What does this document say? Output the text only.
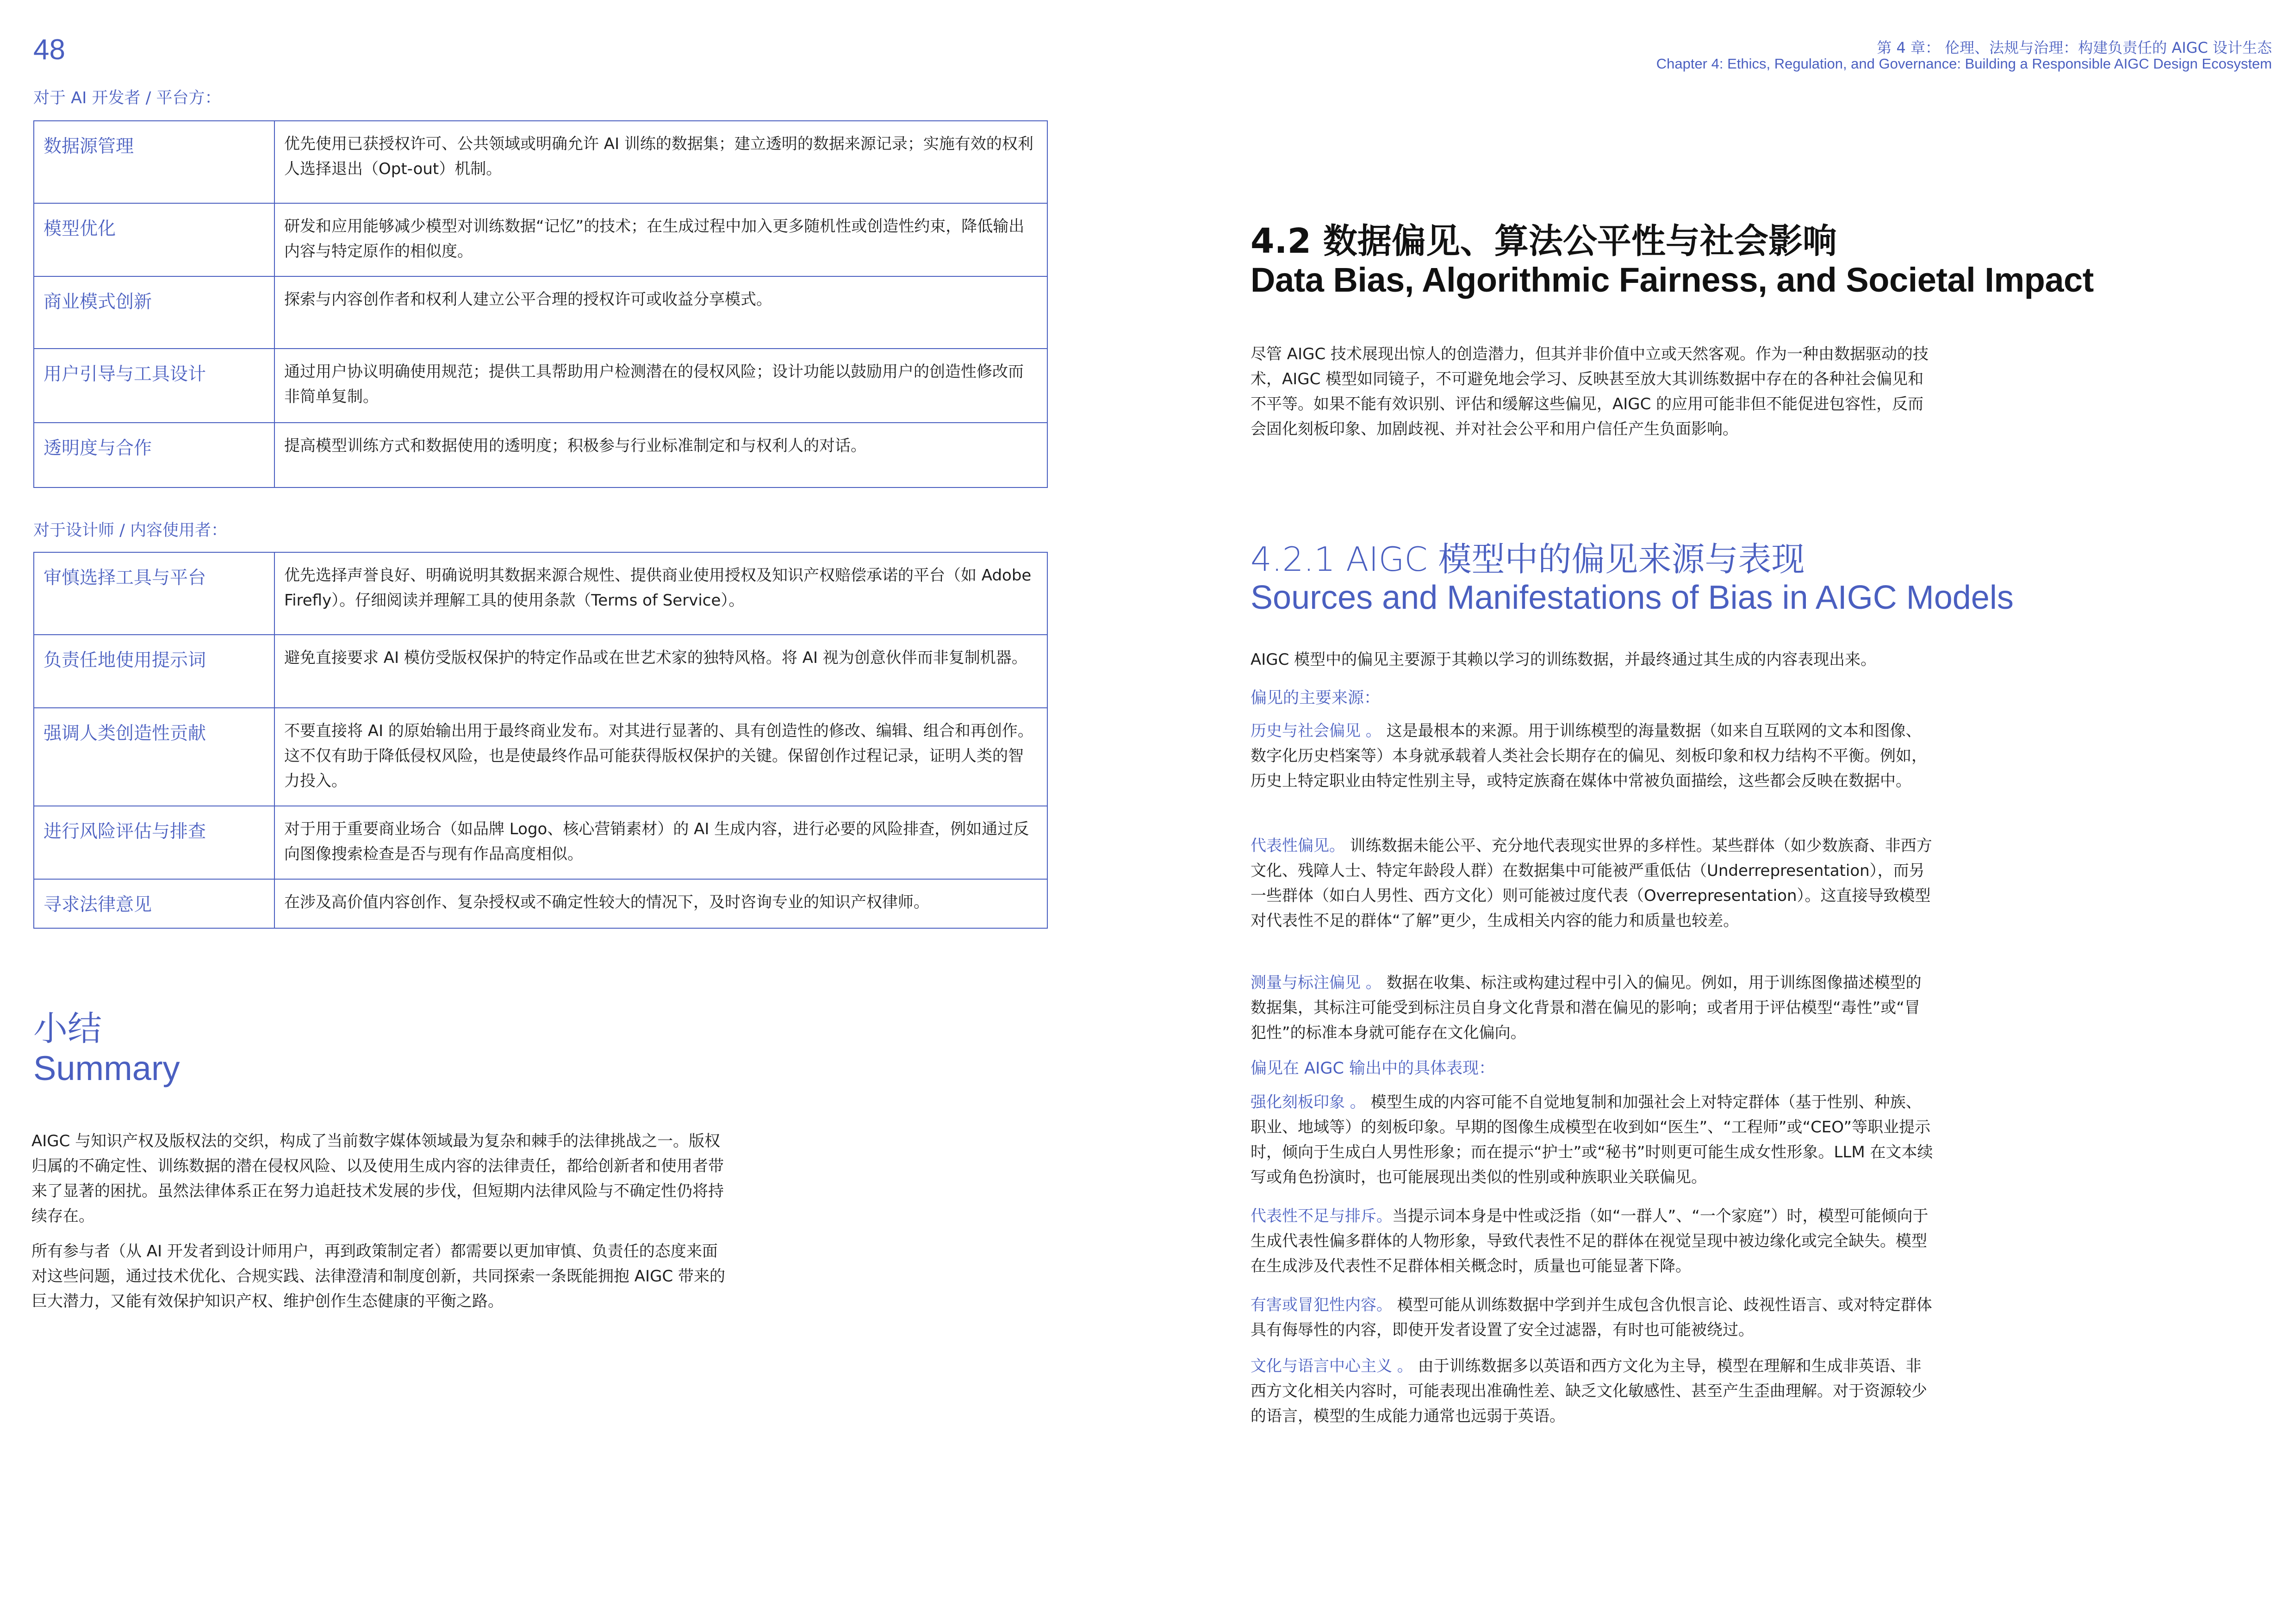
48	第 4 章： 伦理、法规与治理：构建负责任的 AIGC 设计生态
Chapter 4: Ethics, Regulation, and Governance: Building a Responsible AIGC Design Ecosystem
对于 AI 开发者 / 平台方：
数据源管理	优先使用已获授权许可、公共领域或明确允许 AI 训练的数据集；建立透明的数据来源记录；实施有效的权利人选择退出（Opt-out）机制。
模型优化	研发和应用能够减少模型对训练数据“记忆”的技术；在生成过程中加入更多随机性或创造性约束，降低输出内容与特定原作的相似度。
商业模式创新	探索与内容创作者和权利人建立公平合理的授权许可或收益分享模式。
用户引导与工具设计	通过用户协议明确使用规范；提供工具帮助用户检测潜在的侵权风险；设计功能以鼓励用户的创造性修改而非简单复制。
透明度与合作	提高模型训练方式和数据使用的透明度；积极参与行业标准制定和与权利人的对话。
对于设计师 / 内容使用者：
审慎选择工具与平台	优先选择声誉良好、明确说明其数据来源合规性、提供商业使用授权及知识产权赔偿承诺的平台（如 Adobe Firefly）。仔细阅读并理解工具的使用条款（Terms of Service）。
负责任地使用提示词	避免直接要求 AI 模仿受版权保护的特定作品或在世艺术家的独特风格。将 AI 视为创意伙伴而非复制机器。
强调人类创造性贡献	不要直接将 AI 的原始输出用于最终商业发布。对其进行显著的、具有创造性的修改、编辑、组合和再创作。这不仅有助于降低侵权风险，也是使最终作品可能获得版权保护的关键。保留创作过程记录，证明人类的智力投入。
进行风险评估与排查	对于用于重要商业场合（如品牌 Logo、核心营销素材）的 AI 生成内容，进行必要的风险排查，例如通过反向图像搜索检查是否与现有作品高度相似。
寻求法律意见	在涉及高价值内容创作、复杂授权或不确定性较大的情况下，及时咨询专业的知识产权律师。
小结
Summary
AIGC 与知识产权及版权法的交织，构成了当前数字媒体领域最为复杂和棘手的法律挑战之一。版权归属的不确定性、训练数据的潜在侵权风险、以及使用生成内容的法律责任，都给创新者和使用者带来了显著的困扰。虽然法律体系正在努力追赶技术发展的步伐，但短期内法律风险与不确定性仍将持续存在。
所有参与者（从 AI 开发者到设计师用户，再到政策制定者）都需要以更加审慎、负责任的态度来面对这些问题，通过技术优化、合规实践、法律澄清和制度创新，共同探索一条既能拥抱 AIGC 带来的巨大潜力，又能有效保护知识产权、维护创作生态健康的平衡之路。
4.2 数据偏见、算法公平性与社会影响
Data Bias, Algorithmic Fairness, and Societal Impact
尽管 AIGC 技术展现出惊人的创造潜力，但其并非价值中立或天然客观。作为一种由数据驱动的技术，AIGC 模型如同镜子，不可避免地会学习、反映甚至放大其训练数据中存在的各种社会偏见和不平等。如果不能有效识别、评估和缓解这些偏见，AIGC 的应用可能非但不能促进包容性，反而会固化刻板印象、加剧歧视、并对社会公平和用户信任产生负面影响。
4.2.1 AIGC 模型中的偏见来源与表现
Sources and Manifestations of Bias in AIGC Models
AIGC 模型中的偏见主要源于其赖以学习的训练数据，并最终通过其生成的内容表现出来。
偏见的主要来源：
历史与社会偏见 。 这是最根本的来源。用于训练模型的海量数据（如来自互联网的文本和图像、数字化历史档案等）本身就承载着人类社会长期存在的偏见、刻板印象和权力结构不平衡。例如，历史上特定职业由特定性别主导，或特定族裔在媒体中常被负面描绘，这些都会反映在数据中。
代表性偏见。 训练数据未能公平、充分地代表现实世界的多样性。某些群体（如少数族裔、非西方文化、残障人士、特定年龄段人群）在数据集中可能被严重低估（Underrepresentation），而另一些群体（如白人男性、西方文化）则可能被过度代表（Overrepresentation）。这直接导致模型对代表性不足的群体“了解”更少，生成相关内容的能力和质量也较差。
测量与标注偏见 。 数据在收集、标注或构建过程中引入的偏见。例如，用于训练图像描述模型的数据集，其标注可能受到标注员自身文化背景和潜在偏见的影响；或者用于评估模型“毒性”或“冒犯性”的标准本身就可能存在文化偏向。
偏见在 AIGC 输出中的具体表现：
强化刻板印象 。 模型生成的内容可能不自觉地复制和加强社会上对特定群体（基于性别、种族、职业、地域等）的刻板印象。早期的图像生成模型在收到如“医生”、“工程师”或“CEO”等职业提示时，倾向于生成白人男性形象；而在提示“护士”或“秘书”时则更可能生成女性形象。LLM 在文本续写或角色扮演时，也可能展现出类似的性别或种族职业关联偏见。
代表性不足与排斥。当提示词本身是中性或泛指（如“一群人”、“一个家庭”）时，模型可能倾向于生成代表性偏多群体的人物形象，导致代表性不足的群体在视觉呈现中被边缘化或完全缺失。模型在生成涉及代表性不足群体相关概念时，质量也可能显著下降。
有害或冒犯性内容。 模型可能从训练数据中学到并生成包含仇恨言论、歧视性语言、或对特定群体具有侮辱性的内容，即使开发者设置了安全过滤器，有时也可能被绕过。
文化与语言中心主义 。 由于训练数据多以英语和西方文化为主导，模型在理解和生成非英语、非西方文化相关内容时，可能表现出准确性差、缺乏文化敏感性、甚至产生歪曲理解。对于资源较少的语言，模型的生成能力通常也远弱于英语。
